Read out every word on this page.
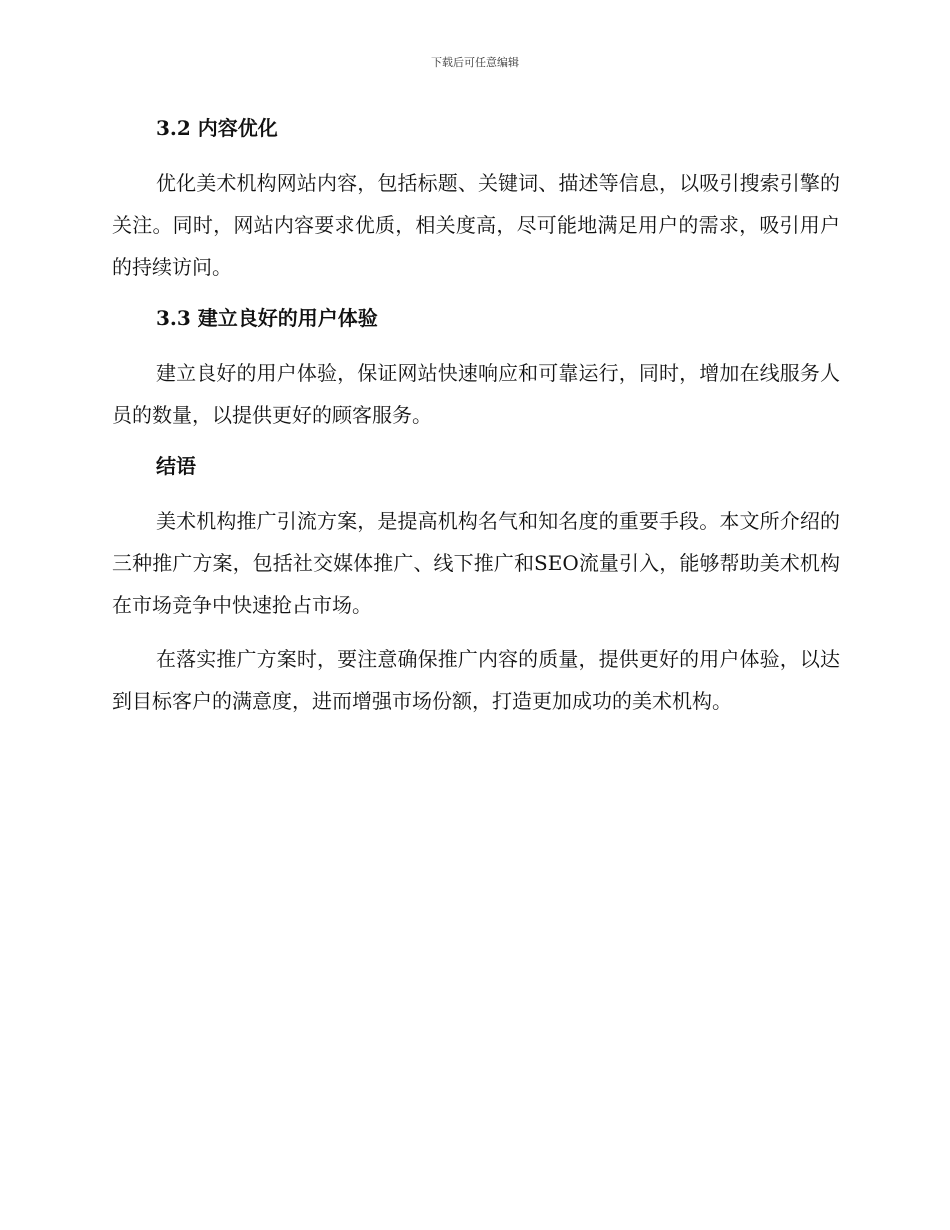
下载后可任意编辑
3.2 内容优化

优化美术机构网站内容，包括标题、关键词、描述等信息，以吸引搜索引擎的关注。同时，网站内容要求优质，相关度高，尽可能地满足用户的需求，吸引用户的持续访问。

3.3 建立良好的用户体验

建立良好的用户体验，保证网站快速响应和可靠运行，同时，增加在线服务人员的数量，以提供更好的顾客服务。

结语

美术机构推广引流方案，是提高机构名气和知名度的重要手段。本文所介绍的三种推广方案，包括社交媒体推广、线下推广和SEO流量引入，能够帮助美术机构在市场竞争中快速抢占市场。

在落实推广方案时，要注意确保推广内容的质量，提供更好的用户体验，以达到目标客户的满意度，进而增强市场份额，打造更加成功的美术机构。
